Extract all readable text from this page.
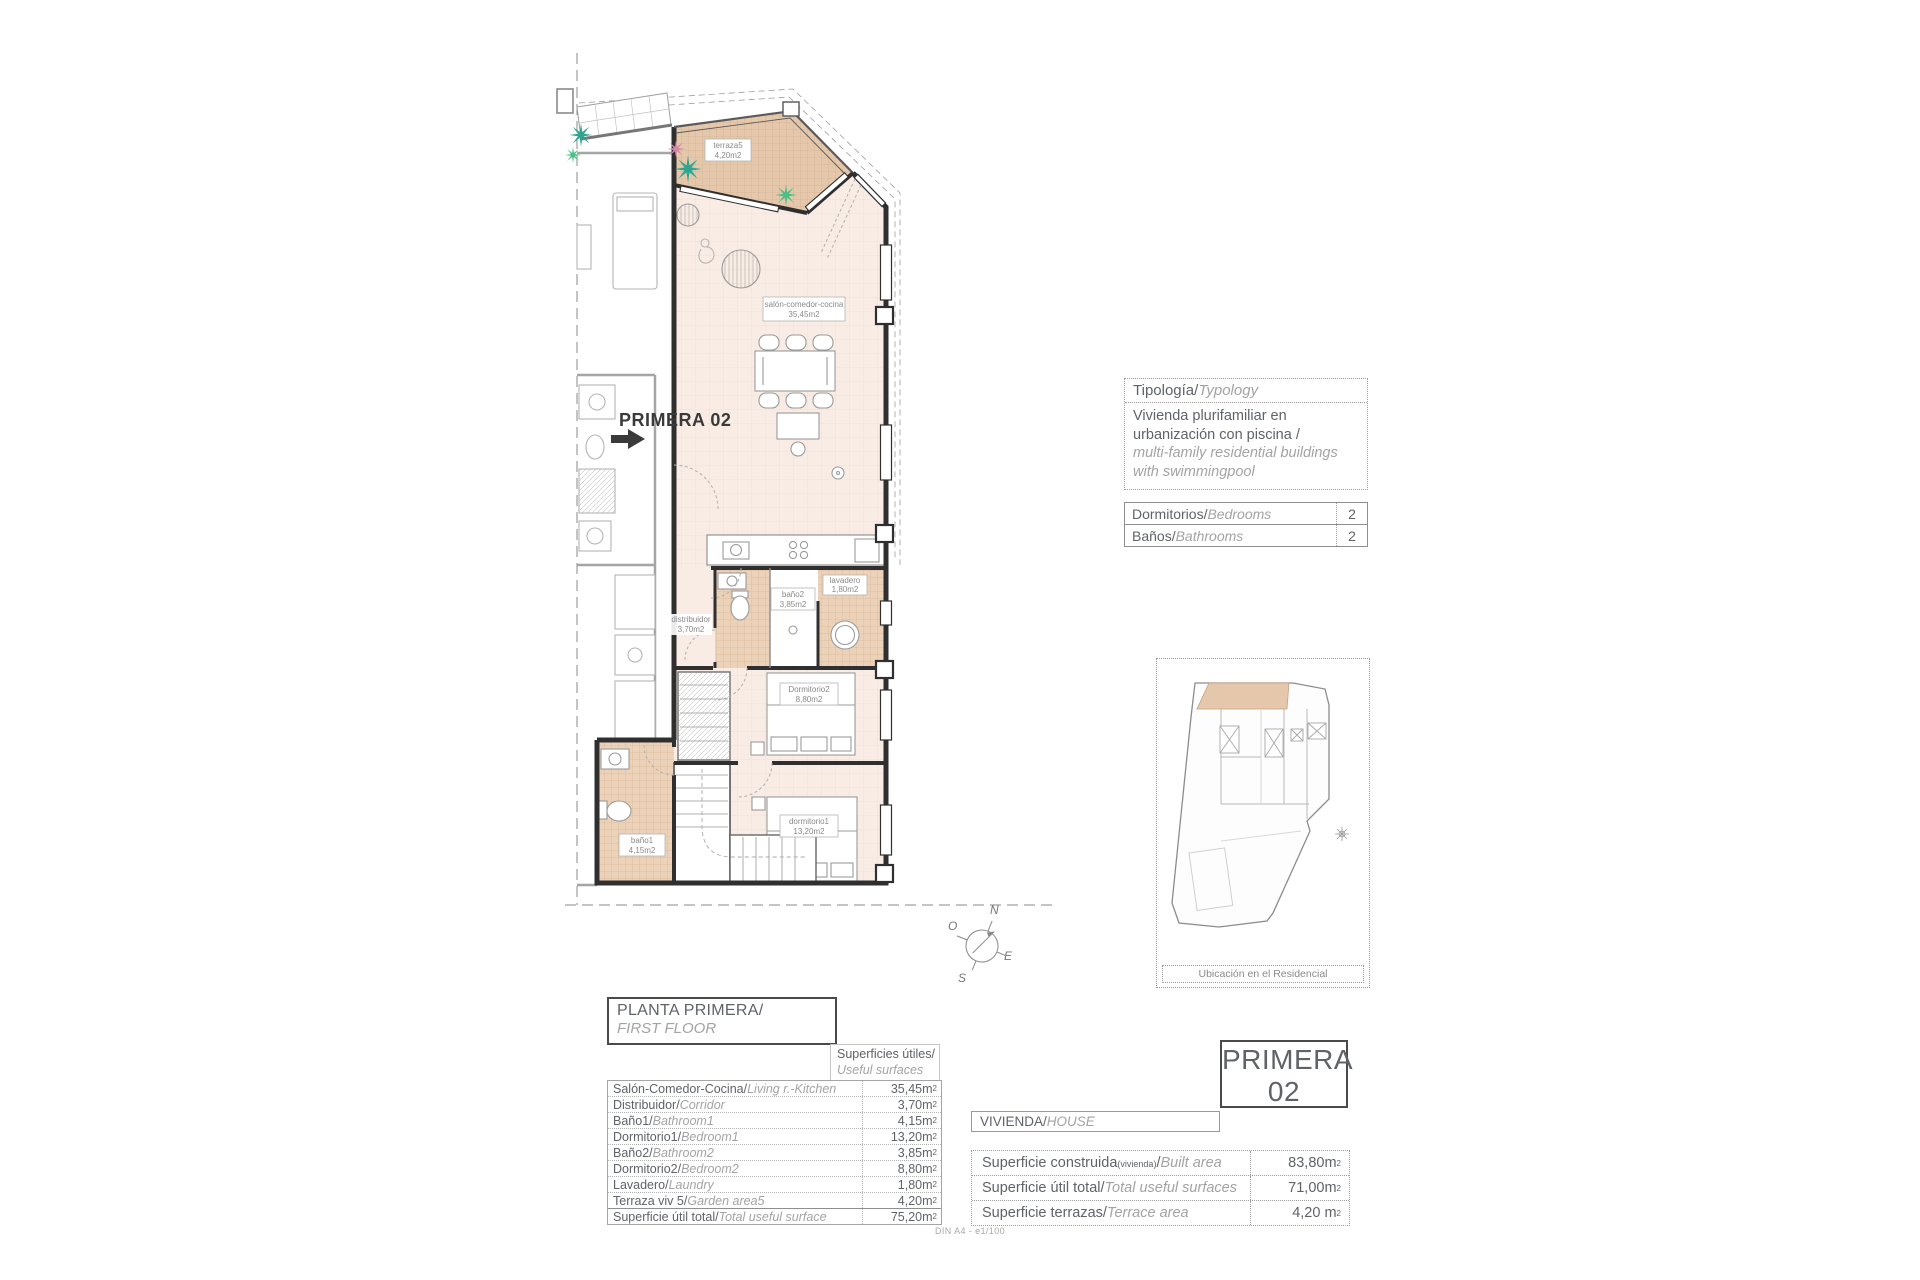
terraza5
4,20m2
salón-comedor-cocina
35,45m2
distribuidor
3,70m2
baño2
3,85m2
lavadero
1,80m2
Dormitorio2
8,80m2
dormitorio1
13,20m2
baño1
4,15m2
PRIMERA 02
Tipología/Typology
Vivienda plurifamiliar en urbanización con piscina /
multi-family residential buildings with swimmingpool
Dormitorios/Bedrooms	2
Baños/Bathrooms	2
Ubicación en el Residencial
N
O
E
S
PLANTA PRIMERA/
FIRST FLOOR
Superficies útiles/
Useful surfaces
Salón-Comedor-Cocina/Living r.-Kitchen	35,45m 2
Distribuidor/Corridor	3,70m 2
Baño1/Bathroom1	4,15m 2
Dormitorio1/Bedroom1	13,20m 2
Baño2/Bathroom2	3,85m 2
Dormitorio2/Bedroom2	8,80m 2
Lavadero/Laundry	1,80m 2
Terraza viv 5/Garden area5	4,20m 2
Superficie útil total/Total useful surface	75,20m 2
PRIMERA
02
VIVIENDA/ HOUSE
Superficie construida(vivienda)/Built area	83,80m 2
Superficie útil total/Total useful surfaces	71,00m 2
Superficie terrazas/Terrace area	4,20 m 2
DIN A4 - e1/100
